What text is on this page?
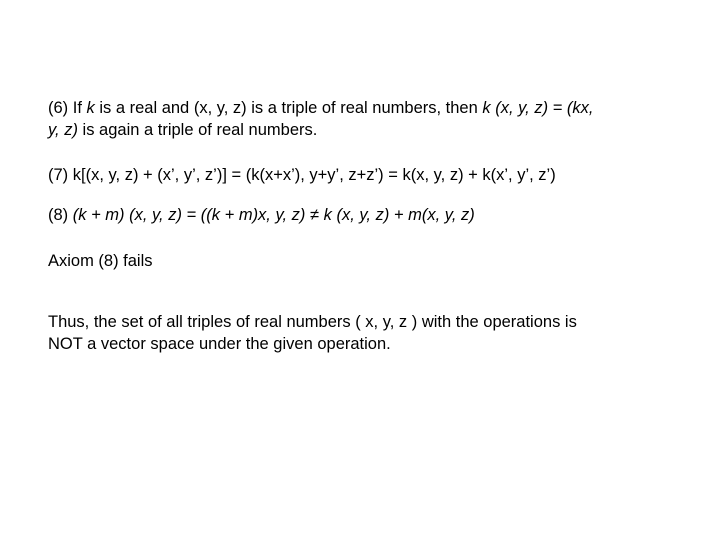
(6) If k is a real and (x, y, z) is a triple of real numbers, then k (x, y, z) = (kx,
y, z) is again a triple of real numbers.
(7) k[(x, y, z) + (x’, y’, z’)] = (k(x+x’), y+y’, z+z’) = k(x, y, z) + k(x’, y’, z’)
(8) (k + m) (x, y, z) = ((k + m)x, y, z) ≠ k (x, y, z) + m(x, y, z)
Axiom (8) fails
Thus, the set of all triples of real numbers ( x, y, z ) with the operations is
NOT a vector space under the given operation.
